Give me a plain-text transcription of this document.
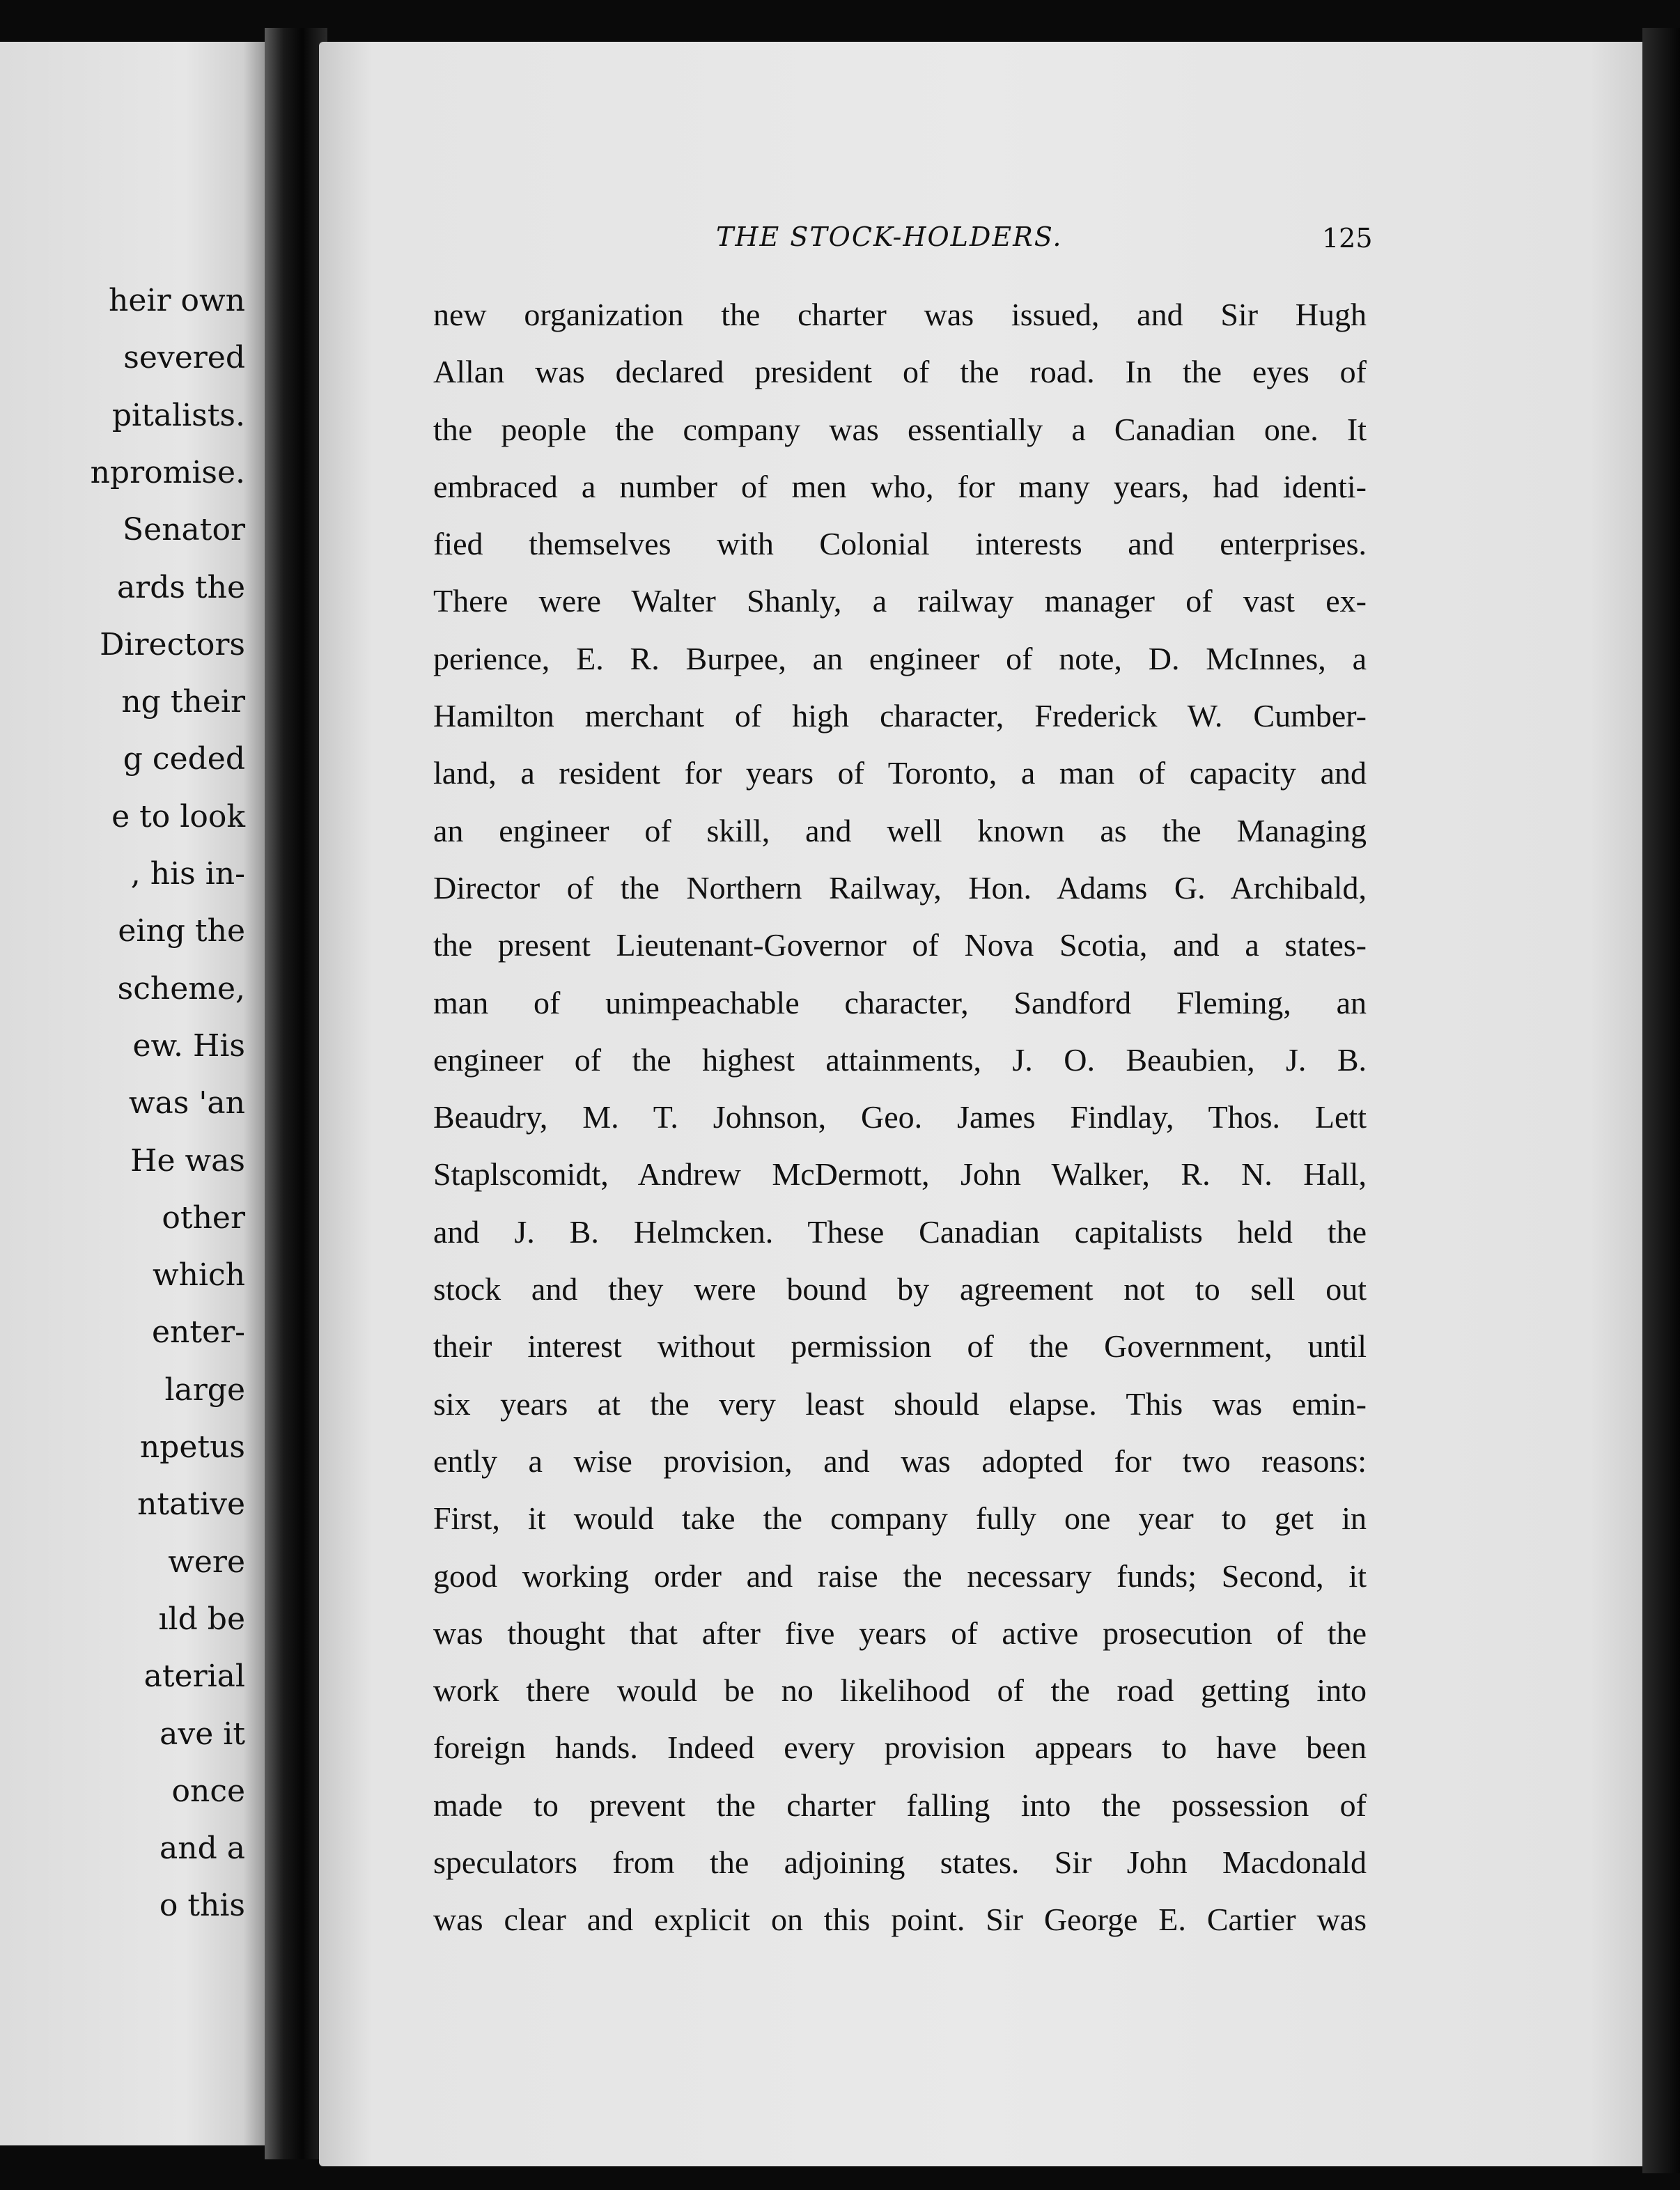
heir own
severed
pitalists.
npromise.
Senator
ards the
Directors
ng their
g ceded
e to look
, his in-
eing the
scheme,
ew. His
was 'an
He was
other
which
enter-
large
npetus
ntative
were
ıld be
aterial
ave it
once
and a
o this
THE STOCK-HOLDERS.	125
new organization the charter was issued, and Sir Hugh
Allan was declared president of the road. In the eyes of
the people the company was essentially a Canadian one. It
embraced a number of men who, for many years, had identi-
fied themselves with Colonial interests and enterprises.
There were Walter Shanly, a railway manager of vast ex-
perience, E. R. Burpee, an engineer of note, D. McInnes, a
Hamilton merchant of high character, Frederick W. Cumber-
land, a resident for years of Toronto, a man of capacity and
an engineer of skill, and well known as the Managing
Director of the Northern Railway, Hon. Adams G. Archibald,
the present Lieutenant-Governor of Nova Scotia, and a states-
man of unimpeachable character, Sandford Fleming, an
engineer of the highest attainments, J. O. Beaubien, J. B.
Beaudry, M. T. Johnson, Geo. James Findlay, Thos. Lett
Staplscomidt, Andrew McDermott, John Walker, R. N. Hall,
and J. B. Helmcken. These Canadian capitalists held the
stock and they were bound by agreement not to sell out
their interest without permission of the Government, until
six years at the very least should elapse. This was emin-
ently a wise provision, and was adopted for two reasons:
First, it would take the company fully one year to get in
good working order and raise the necessary funds; Second, it
was thought that after five years of active prosecution of the
work there would be no likelihood of the road getting into
foreign hands. Indeed every provision appears to have been
made to prevent the charter falling into the possession of
speculators from the adjoining states. Sir John Macdonald
was clear and explicit on this point. Sir George E. Cartier was
